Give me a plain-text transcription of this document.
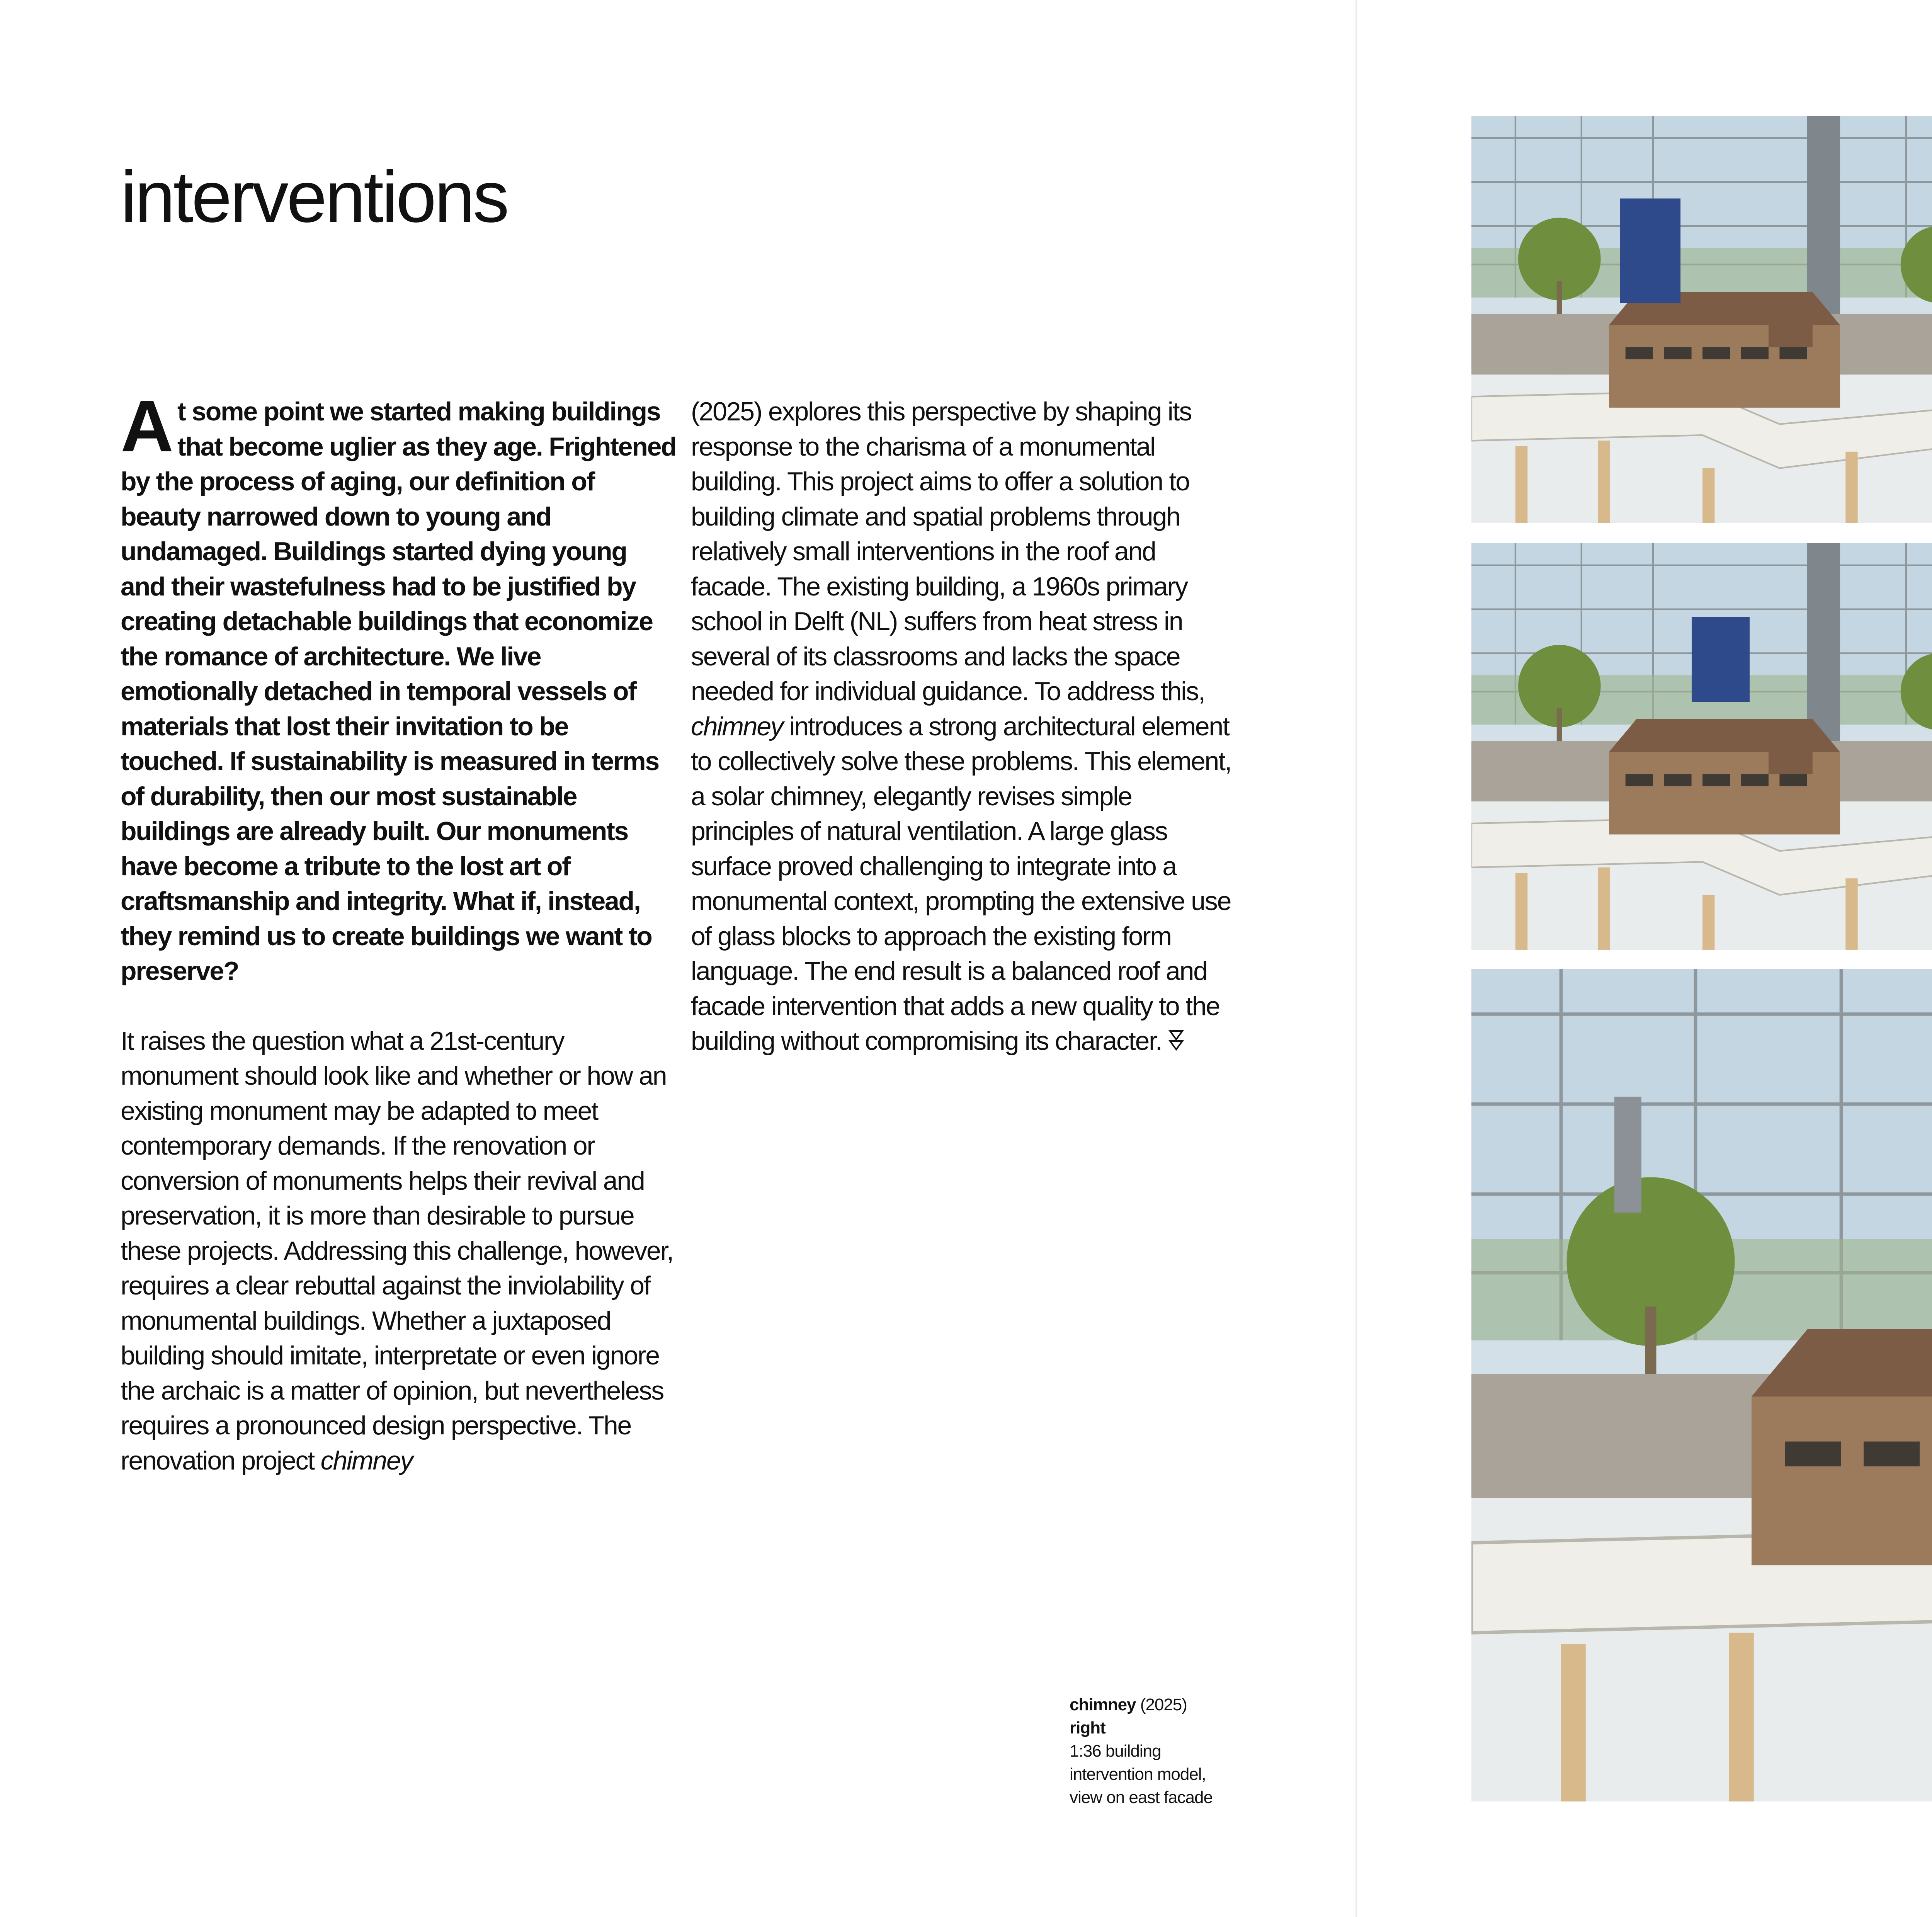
interventions

At some point we started making buildings that become uglier as they age. Frightened by the process of aging, our definition of beauty narrowed down to young and undamaged. Buildings started dying young and their wastefulness had to be justified by creating detachable buildings that economize the romance of architecture. We live emotionally detached in temporal vessels of materials that lost their invitation to be touched. If sustainability is measured in terms of durability, then our most sustainable buildings are already built. Our monuments have become a tribute to the lost art of craftsmanship and integrity. What if, instead, they remind us to create buildings we want to preserve?

It raises the question what a 21st-century monument should look like and whether or how an existing monument may be adapted to meet contemporary demands. If the renovation or conversion of monuments helps their revival and preservation, it is more than desirable to pursue these projects. Addressing this challenge, however, requires a clear rebuttal against the inviolability of monumental buildings. Whether a juxtaposed building should imitate, interpretate or even ignore the archaic is a matter of opinion, but nevertheless requires a pronounced design perspective. The renovation project chimney

(2025) explores this perspective by shaping its response to the charisma of a monumental building. This project aims to offer a solution to building climate and spatial problems through relatively small interventions in the roof and facade. The existing building, a 1960s primary school in Delft (NL) suffers from heat stress in several of its classrooms and lacks the space needed for individual guidance. To address this, chimney introduces a strong architectural element to collectively solve these problems. This element, a solar chimney, elegantly revises simple principles of natural ventilation. A large glass surface proved challenging to integrate into a monumental context, prompting the extensive use of glass blocks to approach the existing form language. The end result is a balanced roof and facade intervention that adds a new quality to the building without compromising its character.

chimney (2025)
right
1:36 building
intervention model,
view on east facade
